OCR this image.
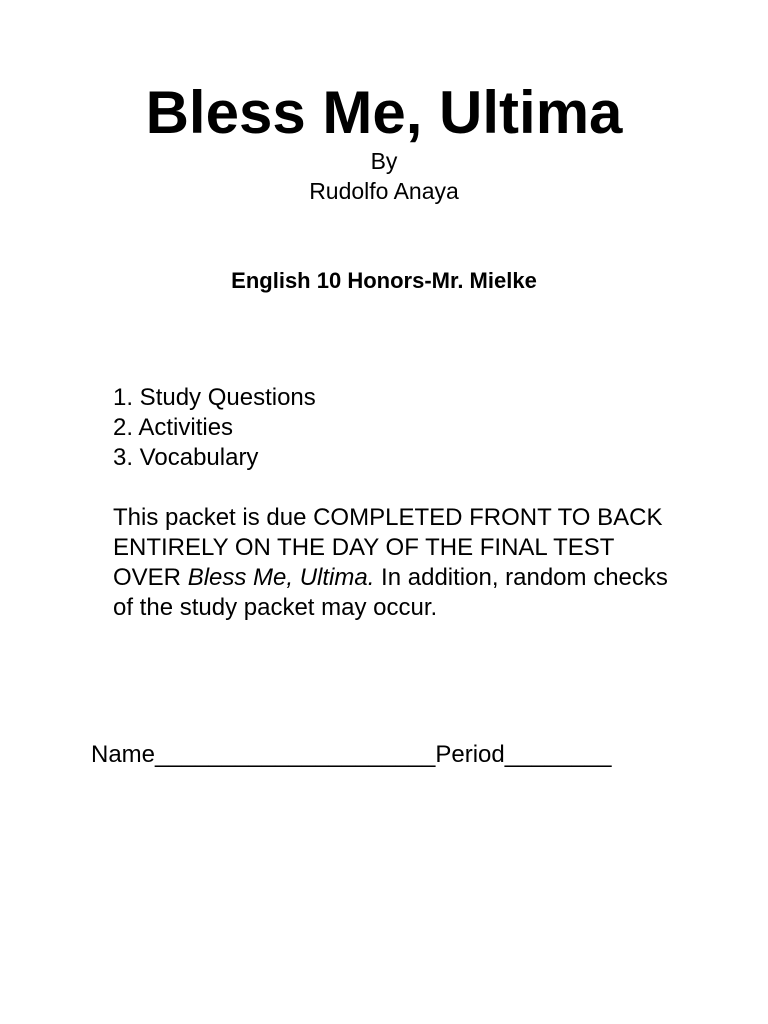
Bless Me, Ultima
By
Rudolfo Anaya
English 10 Honors-Mr. Mielke
1. Study Questions
2. Activities
3. Vocabulary
This packet is due COMPLETED FRONT TO BACK ENTIRELY ON THE DAY OF THE FINAL TEST OVER Bless Me, Ultima. In addition, random checks of the study packet may occur.
Name_____________________Period________
